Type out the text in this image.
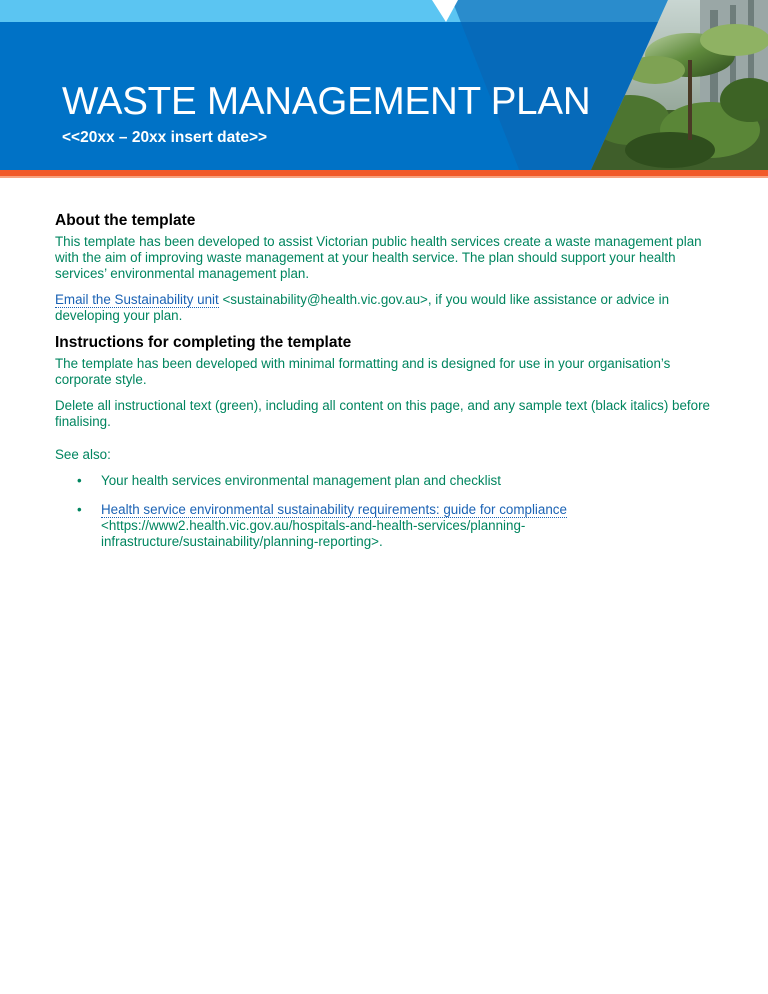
WASTE MANAGEMENT PLAN
<<20xx – 20xx insert date>>
About the template

This template has been developed to assist Victorian public health services create a waste management plan with the aim of improving waste management at your health service. The plan should support your health services’ environmental management plan.

Email the Sustainability unit <sustainability@health.vic.gov.au>, if you would like assistance or advice in developing your plan.

Instructions for completing the template

The template has been developed with minimal formatting and is designed for use in your organisation’s corporate style.

Delete all instructional text (green), including all content on this page, and any sample text (black italics) before finalising.

See also:

• Your health services environmental management plan and checklist
• Health service environmental sustainability requirements: guide for compliance <https://www2.health.vic.gov.au/hospitals-and-health-services/planning-infrastructure/sustainability/planning-reporting>.
